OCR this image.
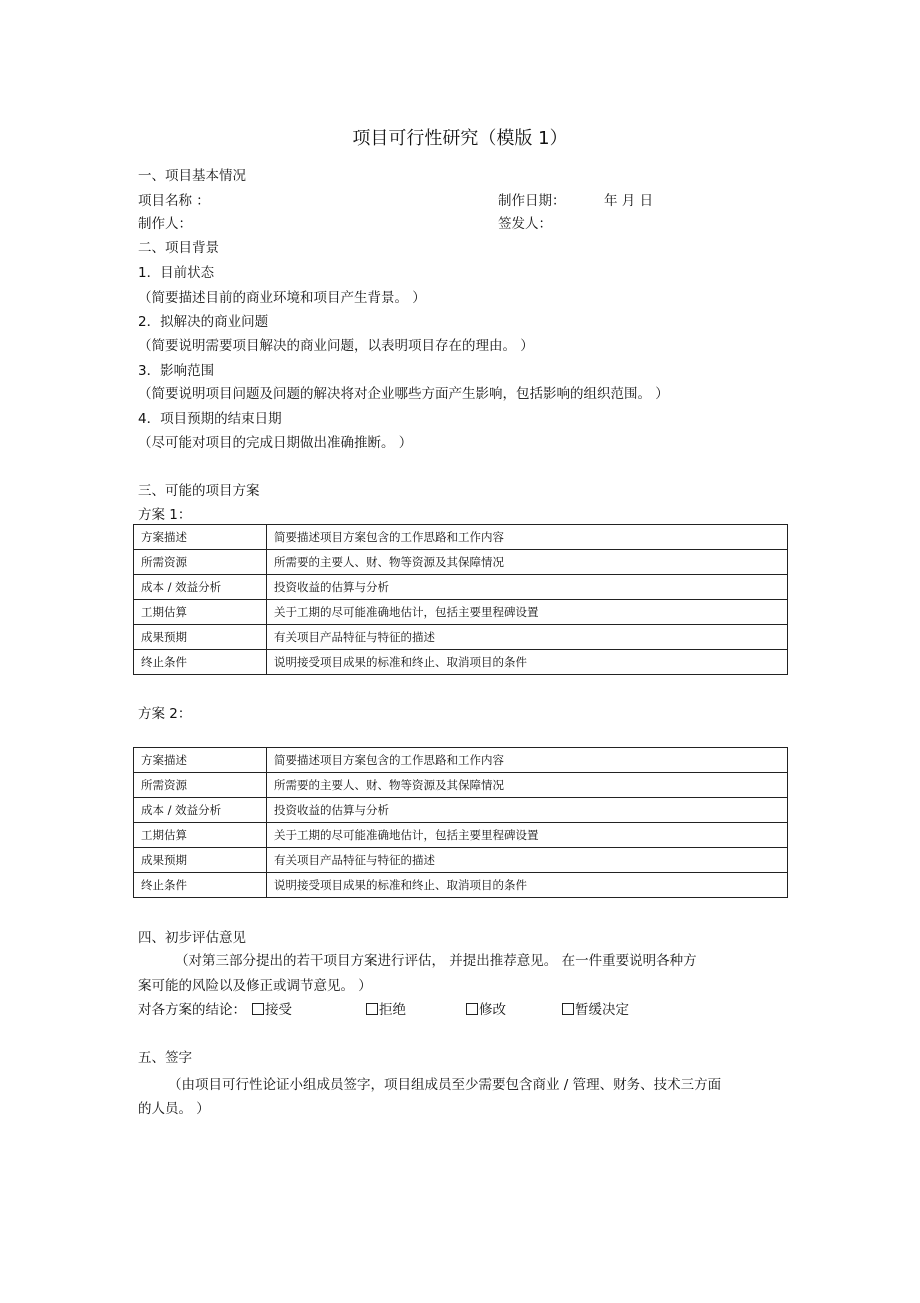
项目可行性研究（模版 1）
一、项目基本情况
项目名称 ：	制作日期：	年 月 日
制作人：	签发人：
二、项目背景
1．目前状态
（简要描述目前的商业环境和项目产生背景。 ）
2．拟解决的商业问题
（简要说明需要项目解决的商业问题，以表明项目存在的理由。 ）
3．影响范围
（简要说明项目问题及问题的解决将对企业哪些方面产生影响，包括影响的组织范围。 ）
4．项目预期的结束日期
（尽可能对项目的完成日期做出准确推断。 ）
三、可能的项目方案
方案 1：
方案描述	简要描述项目方案包含的工作思路和工作内容
所需资源	所需要的主要人、财、物等资源及其保障情况
成本 / 效益分析	投资收益的估算与分析
工期估算	关于工期的尽可能准确地估计，包括主要里程碑设置
成果预期	有关项目产品特征与特征的描述
终止条件	说明接受项目成果的标准和终止、取消项目的条件
方案 2：
方案描述	简要描述项目方案包含的工作思路和工作内容
所需资源	所需要的主要人、财、物等资源及其保障情况
成本 / 效益分析	投资收益的估算与分析
工期估算	关于工期的尽可能准确地估计，包括主要里程碑设置
成果预期	有关项目产品特征与特征的描述
终止条件	说明接受项目成果的标准和终止、取消项目的条件
四、初步评估意见
（对第三部分提出的若干项目方案进行评估， 并提出推荐意见。 在一件重要说明各种方
案可能的风险以及修正或调节意见。 ）
对各方案的结论：	接受	拒绝	修改	暂缓决定
五、签字
（由项目可行性论证小组成员签字，项目组成员至少需要包含商业 / 管理、财务、技术三方面
的人员。 ）
